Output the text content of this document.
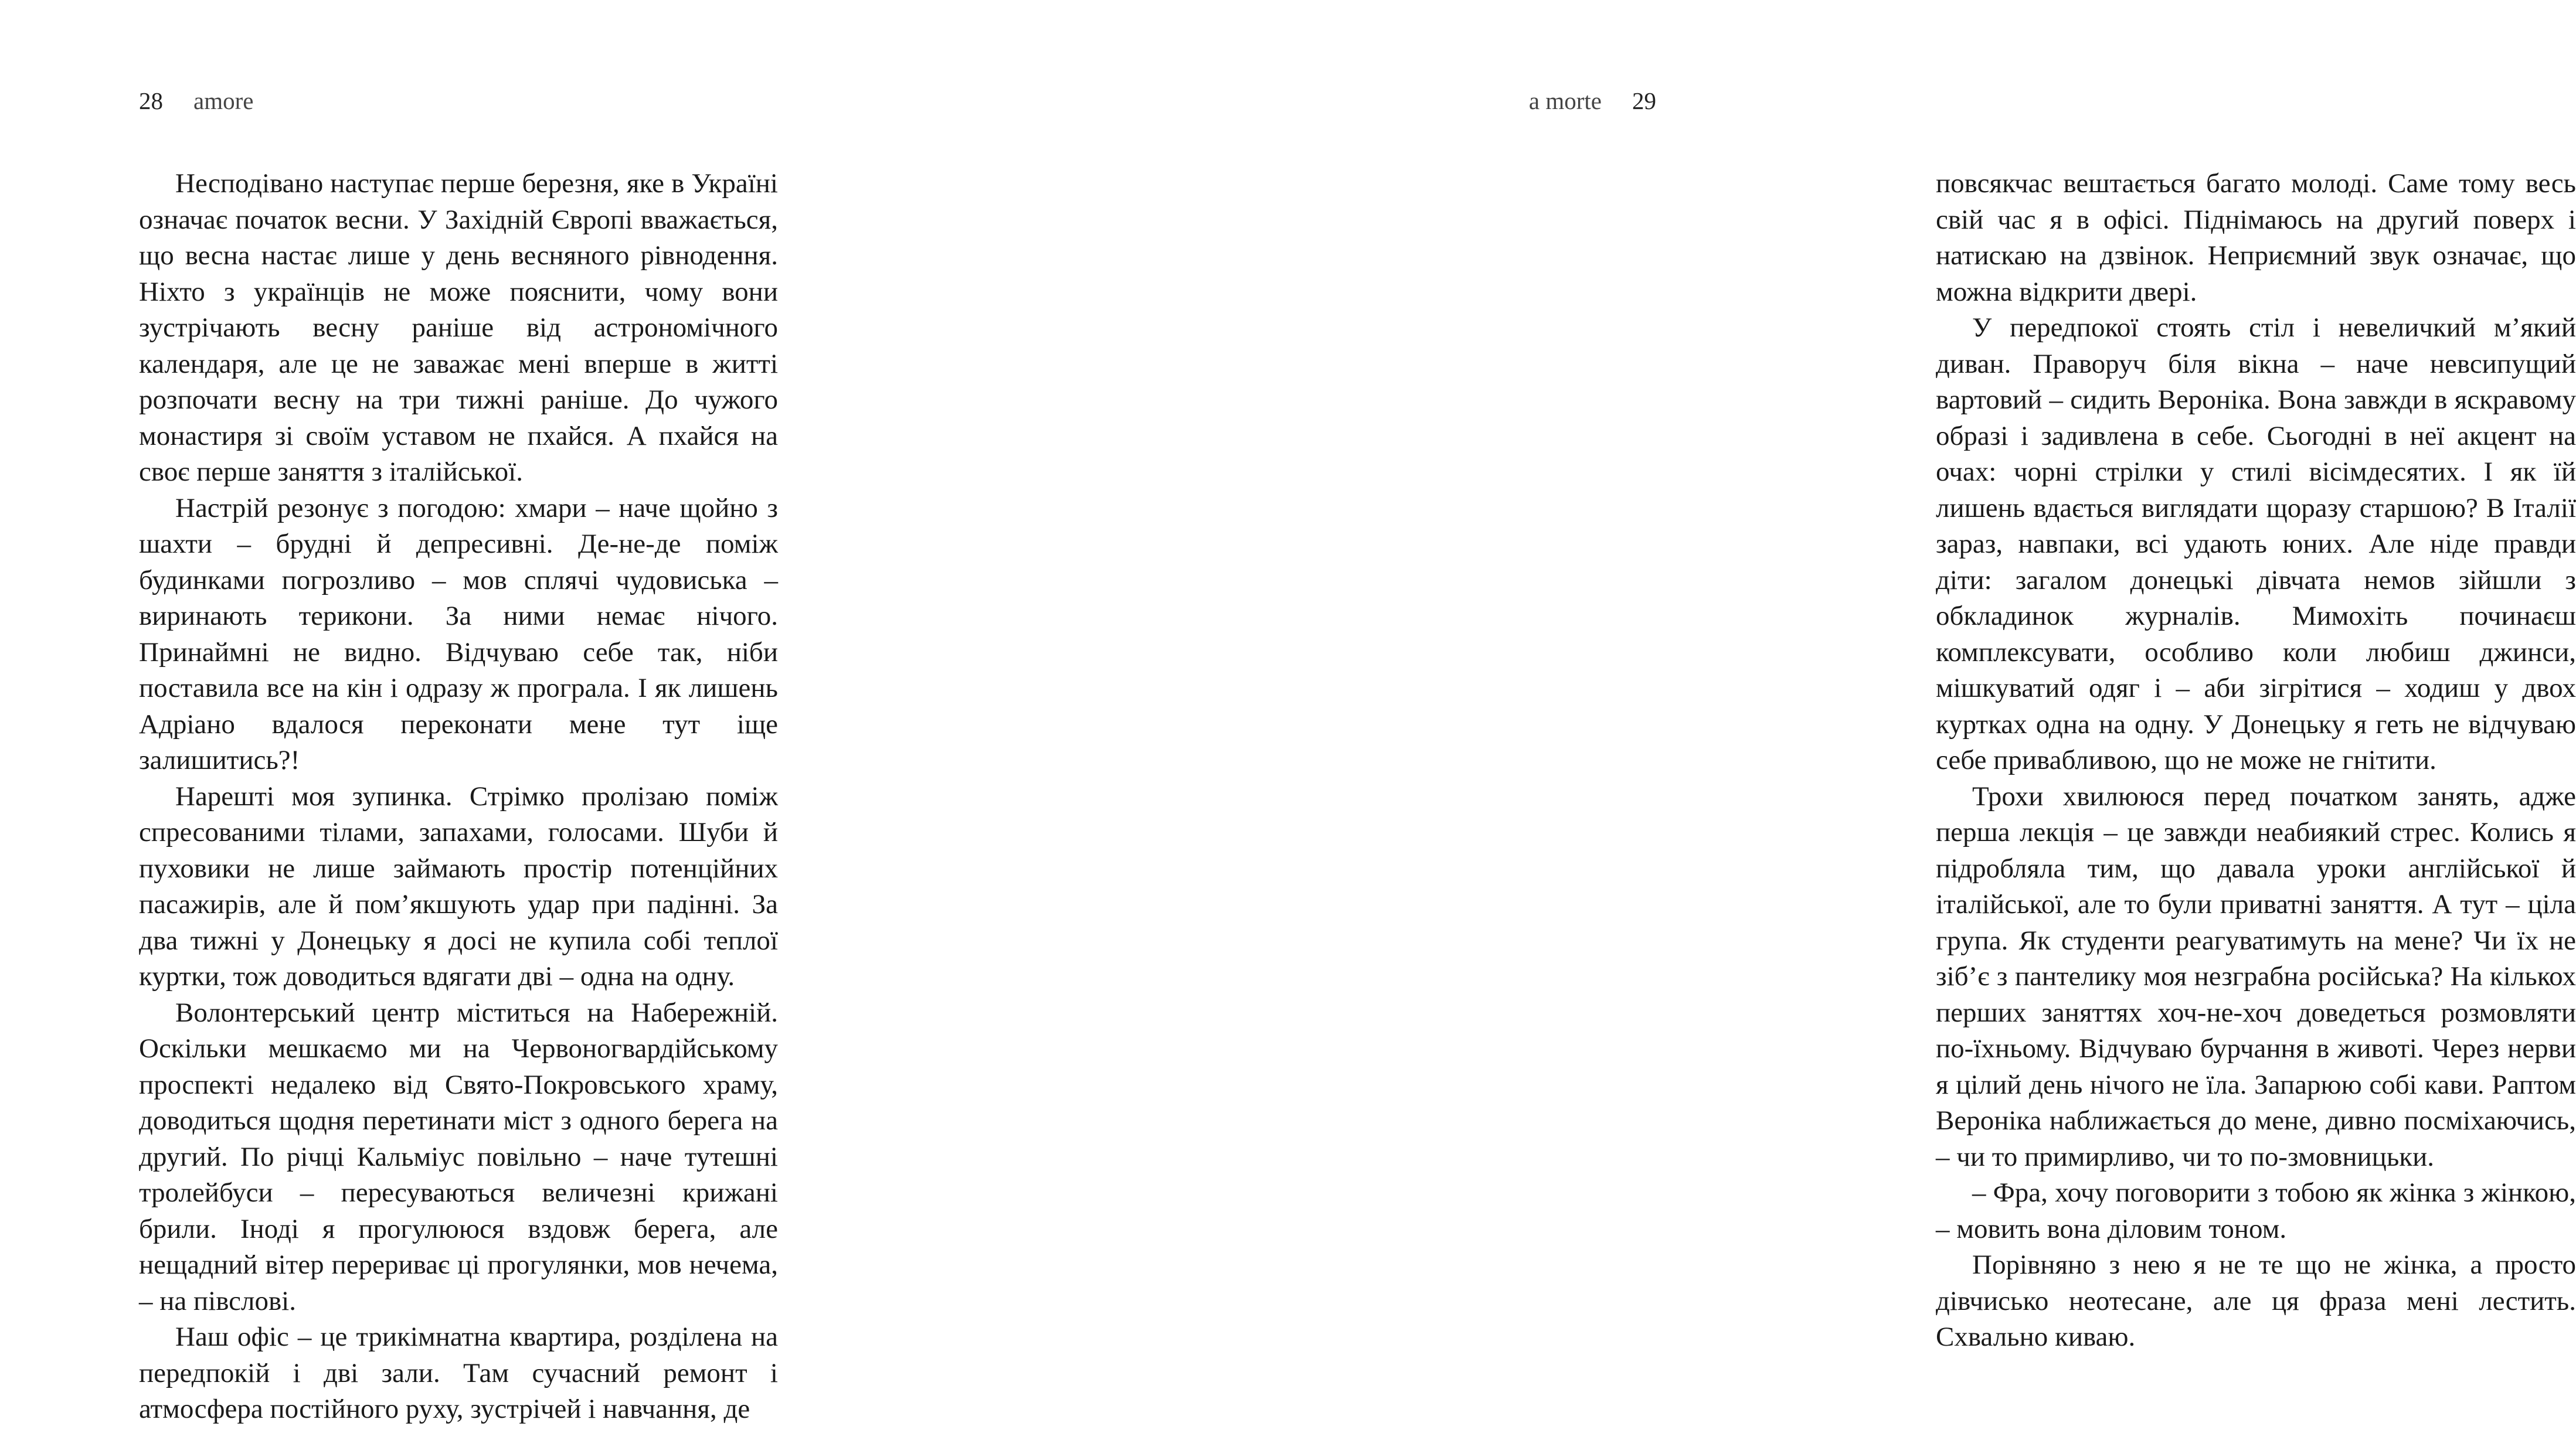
28 amore

Несподівано наступає перше березня, яке в Україні означає початок весни. У Західній Європі вважається, що весна настає лише у день весняного рівнодення. Ніхто з українців не може пояснити, чому вони зустрічають весну раніше від астрономічного календаря, але це не заважає мені вперше в житті розпочати весну на три тижні раніше. До чужого монастиря зі своїм уставом не пхайся. А пхайся на своє перше заняття з італійської.

Настрій резонує з погодою: хмари – наче щойно з шахти – брудні й депресивні. Де-не-де поміж будинками погрозливо – мов сплячі чудовиська – виринають терикони. За ними немає нічого. Принаймні не видно. Відчуваю себе так, ніби поставила все на кін і одразу ж програла. І як лишень Адріано вдалося переконати мене тут іще залишитись?!

Нарешті моя зупинка. Стрімко пролізаю поміж спресованими тілами, запахами, голосами. Шуби й пуховики не лише займають простір потенційних пасажирів, але й пом’якшують удар при падінні. За два тижні у Донецьку я досі не купила собі теплої куртки, тож доводиться вдягати дві – одна на одну.

Волонтерський центр міститься на Набережній. Оскільки мешкаємо ми на Червоногвардійському проспекті недалеко від Свято-Покровського храму, доводиться щодня перетинати міст з одного берега на другий. По річці Кальміус повільно – наче тутешні тролейбуси – пересуваються величезні крижані брили. Іноді я прогулююся вздовж берега, але нещадний вітер перериває ці прогулянки, мов нечема, – на півслові.

Наш офіс – це трикімнатна квартира, розділена на передпокій і дві зали. Там сучасний ремонт і атмосфера постійного руху, зустрічей і навчання, де

a morte 29

повсякчас вештається багато молоді. Саме тому весь свій час я в офісі. Піднімаюсь на другий поверх і натискаю на дзвінок. Неприємний звук означає, що можна відкрити двері.

У передпокої стоять стіл і невеличкий м’який диван. Праворуч біля вікна – наче невсипущий вартовий – сидить Вероніка. Вона завжди в яскравому образі і задивлена в себе. Сьогодні в неї акцент на очах: чорні стрілки у стилі вісімдесятих. І як їй лишень вдається виглядати щоразу старшою? В Італії зараз, навпаки, всі удають юних. Але ніде правди діти: загалом донецькі дівчата немов зійшли з обкладинок журналів. Мимохіть починаєш комплексувати, особливо коли любиш джинси, мішкуватий одяг і – аби зігрітися – ходиш у двох куртках одна на одну. У Донецьку я геть не відчуваю себе привабливою, що не може не гнітити.

Трохи хвилююся перед початком занять, адже перша лекція – це завжди неабиякий стрес. Колись я підробляла тим, що давала уроки англійської й італійської, але то були приватні заняття. А тут – ціла група. Як студенти реагуватимуть на мене? Чи їх не зіб’є з пантелику моя незграбна російська? На кількох перших заняттях хоч-не-хоч доведеться розмовляти по-їхньому. Відчуваю бурчання в животі. Через нерви я цілий день нічого не їла. Запарюю собі кави. Раптом Вероніка наближається до мене, дивно посміхаючись, – чи то примирливо, чи то по-змовницьки.

– Фра, хочу поговорити з тобою як жінка з жінкою, – мовить вона діловим тоном.

Порівняно з нею я не те що не жінка, а просто дівчисько неотесане, але ця фраза мені лестить. Схвально киваю.
